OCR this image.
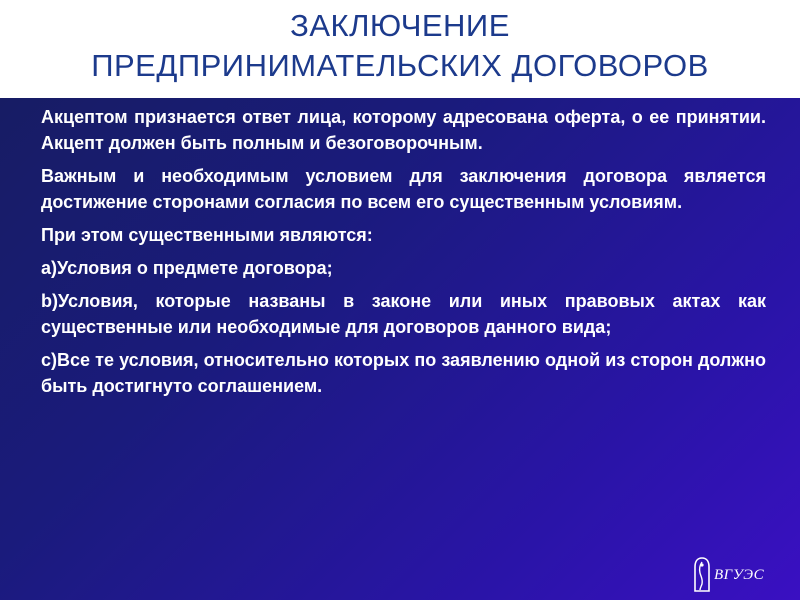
ЗАКЛЮЧЕНИЕ
ПРЕДПРИНИМАТЕЛЬСКИХ ДОГОВОРОВ

Акцептом признается ответ лица, которому адресована оферта, о ее принятии. Акцепт должен быть полным и безоговорочным.

Важным и необходимым условием для заключения договора является достижение сторонами согласия по всем его существенным условиям.

При этом существенными являются:

a)Условия о предмете договора;

b)Условия, которые названы в законе или иных правовых актах как существенные или необходимые для договоров данного вида;

c)Все те условия, относительно которых по заявлению одной из сторон должно быть достигнуто соглашением.

ВГУЭС
